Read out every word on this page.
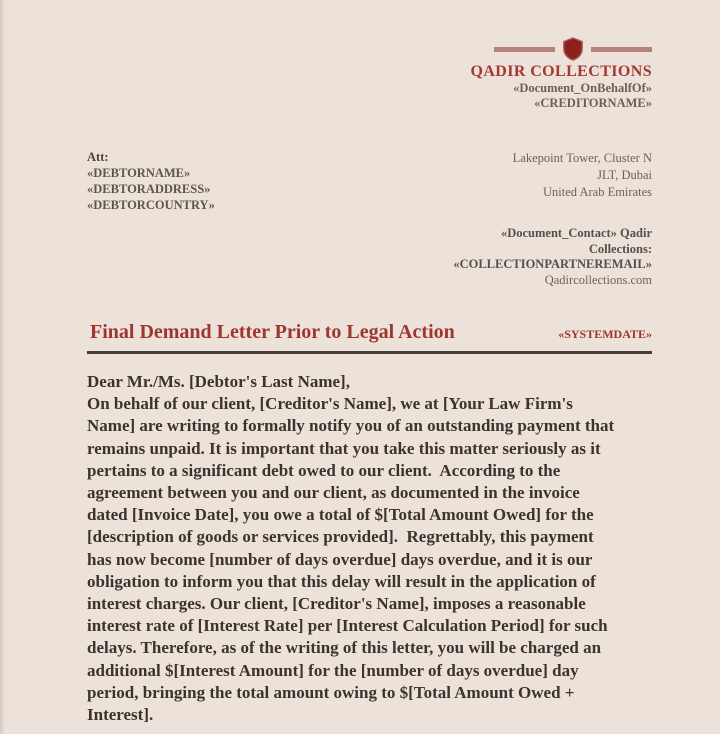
QADIR COLLECTIONS
«Document_OnBehalfOf»
«CREDITORNAME»
Att:
«DEBTORNAME»
«DEBTORADDRESS»
«DEBTORCOUNTRY»
Lakepoint Tower, Cluster N
JLT, Dubai
United Arab Emirates
«Document_Contact» Qadir
Collections:
«COLLECTIONPARTNEREMAIL»
Qadircollections.com
Final Demand Letter Prior to Legal Action	«SYSTEMDATE»
Dear Mr./Ms. [Debtor's Last Name],
On behalf of our client, [Creditor's Name], we at [Your Law Firm's
Name] are writing to formally notify you of an outstanding payment that
remains unpaid. It is important that you take this matter seriously as it
pertains to a significant debt owed to our client.  According to the
agreement between you and our client, as documented in the invoice
dated [Invoice Date], you owe a total of $[Total Amount Owed] for the
[description of goods or services provided].  Regrettably, this payment
has now become [number of days overdue] days overdue, and it is our
obligation to inform you that this delay will result in the application of
interest charges. Our client, [Creditor's Name], imposes a reasonable
interest rate of [Interest Rate] per [Interest Calculation Period] for such
delays. Therefore, as of the writing of this letter, you will be charged an
additional $[Interest Amount] for the [number of days overdue] day
period, bringing the total amount owing to $[Total Amount Owed +
Interest].
